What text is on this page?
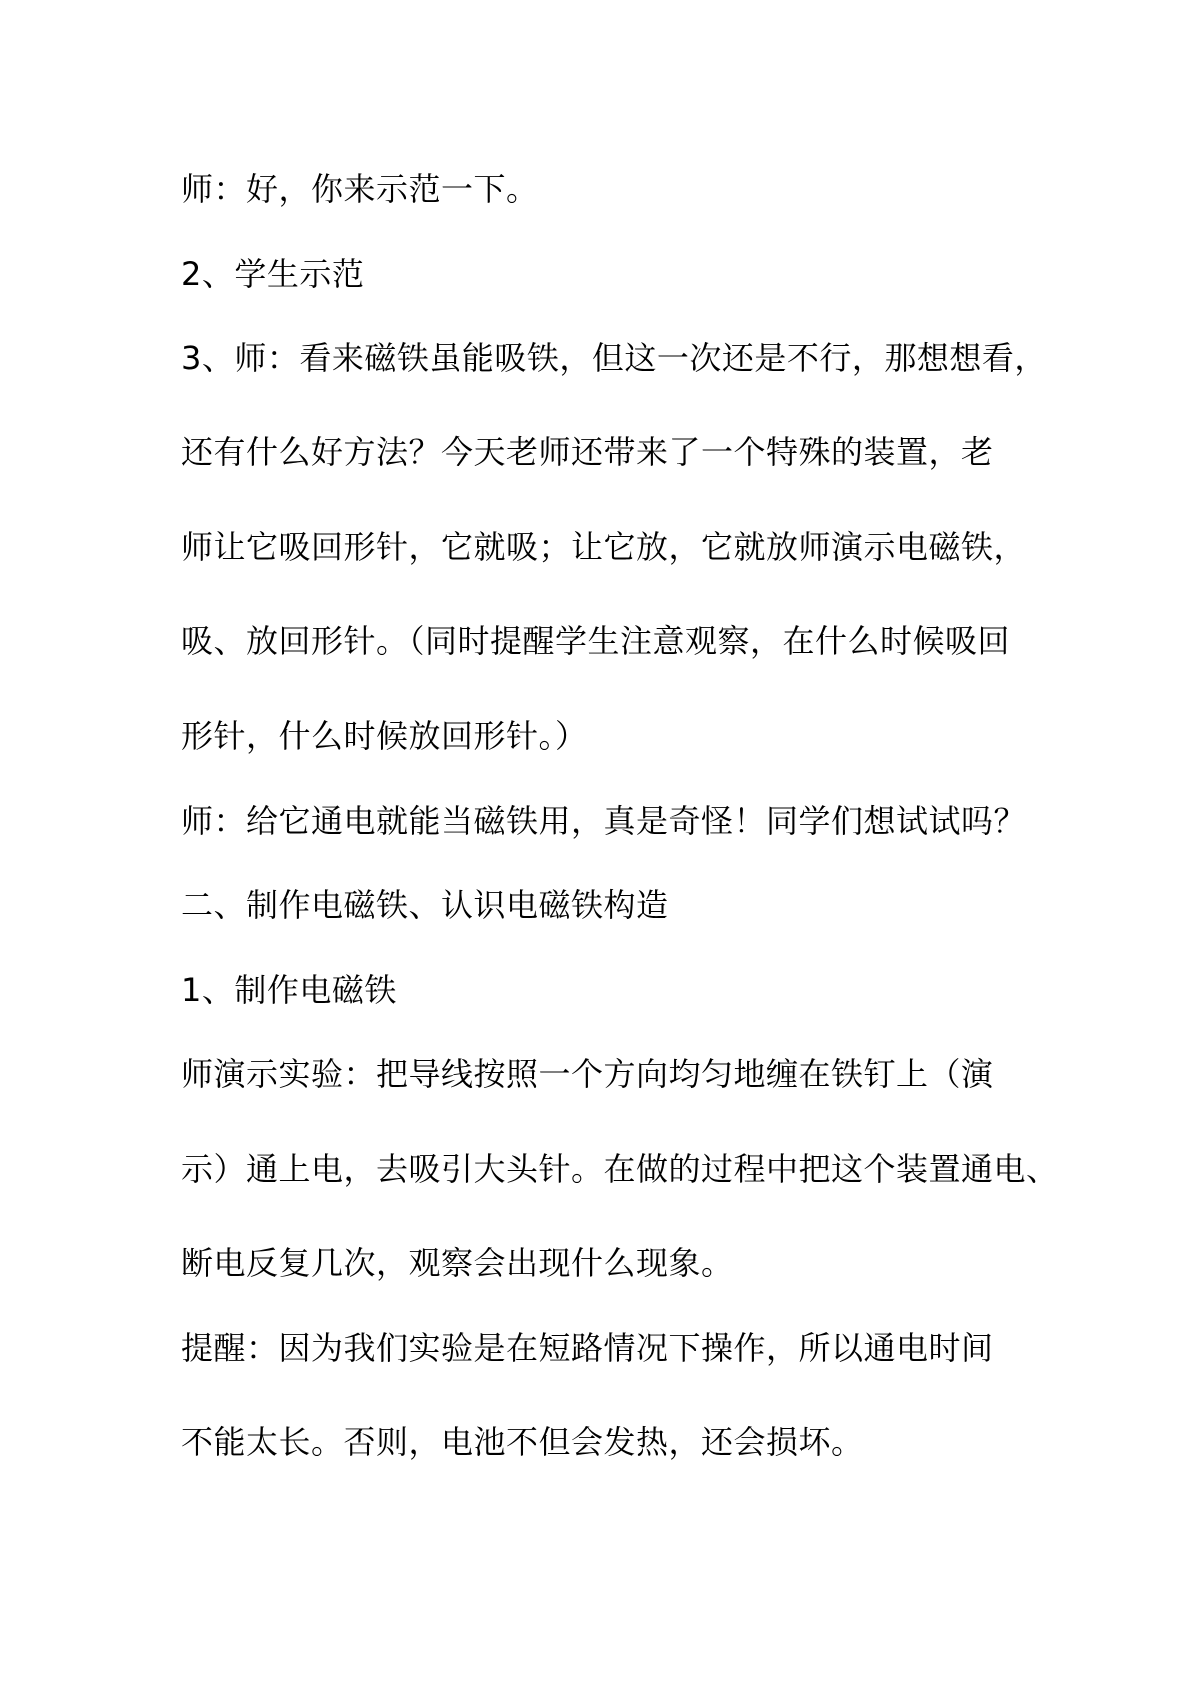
师：好，你来示范一下。

2、学生示范

3、师：看来磁铁虽能吸铁，但这一次还是不行，那想想看，

还有什么好方法？今天老师还带来了一个特殊的装置，老

师让它吸回形针，它就吸；让它放，它就放师演示电磁铁，

吸、放回形针。（同时提醒学生注意观察，在什么时候吸回

形针，什么时候放回形针。）

师：给它通电就能当磁铁用，真是奇怪！同学们想试试吗？

二、制作电磁铁、认识电磁铁构造

1、制作电磁铁

师演示实验：把导线按照一个方向均匀地缠在铁钉上（演

示）通上电，去吸引大头针。在做的过程中把这个装置通电、

断电反复几次，观察会出现什么现象。

提醒：因为我们实验是在短路情况下操作，所以通电时间

不能太长。否则，电池不但会发热，还会损坏。
